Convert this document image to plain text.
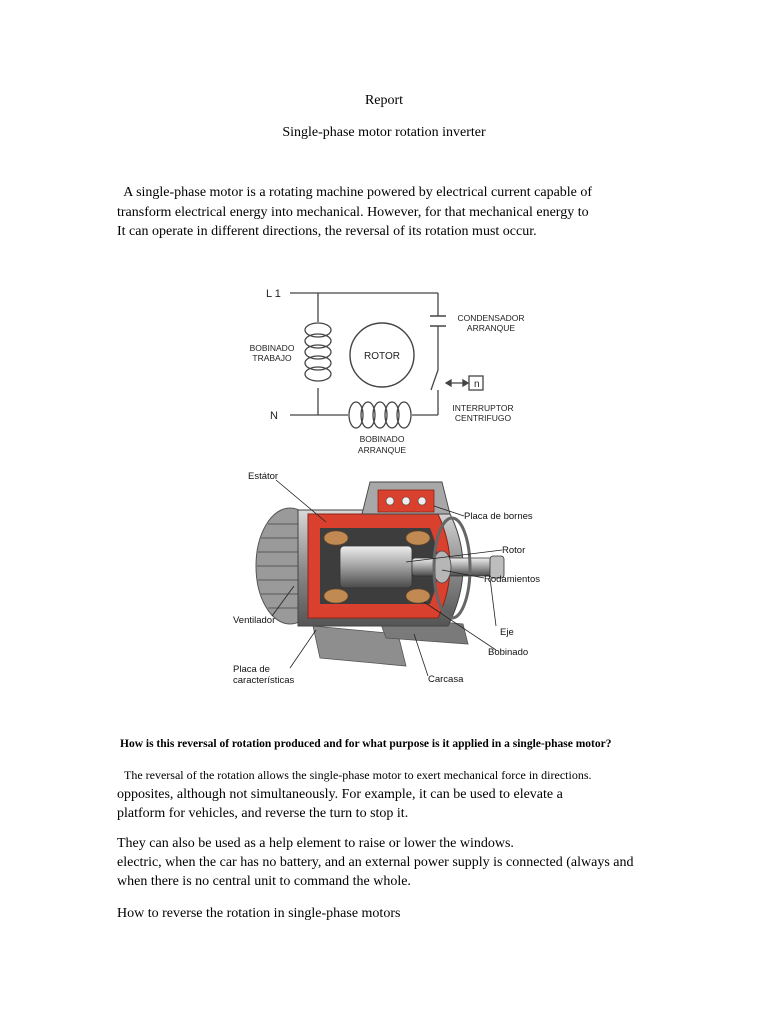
Report
Single-phase motor rotation inverter
A single-phase motor is a rotating machine powered by electrical current capable of
transform electrical energy into mechanical. However, for that mechanical energy to
It can operate in different directions, the reversal of its rotation must occur.
n
ROTOR
L 1
N
BOBINADO
TRABAJO
CONDENSADOR
ARRANQUE
INTERRUPTOR
CENTRIFUGO
BOBINADO
ARRANQUE
Estátor
Placa de bornes
Rotor
Rodamientos
Ventilador
Eje
Bobinado
Placa de
características	Carcasa
How is this reversal of rotation produced and for what purpose is it applied in a single-phase motor?
The reversal of the rotation allows the single-phase motor to exert mechanical force in directions.
opposites, although not simultaneously. For example, it can be used to elevate a
platform for vehicles, and reverse the turn to stop it.
They can also be used as a help element to raise or lower the windows.
electric, when the car has no battery, and an external power supply is connected (always and
when there is no central unit to command the whole.
How to reverse the rotation in single-phase motors
